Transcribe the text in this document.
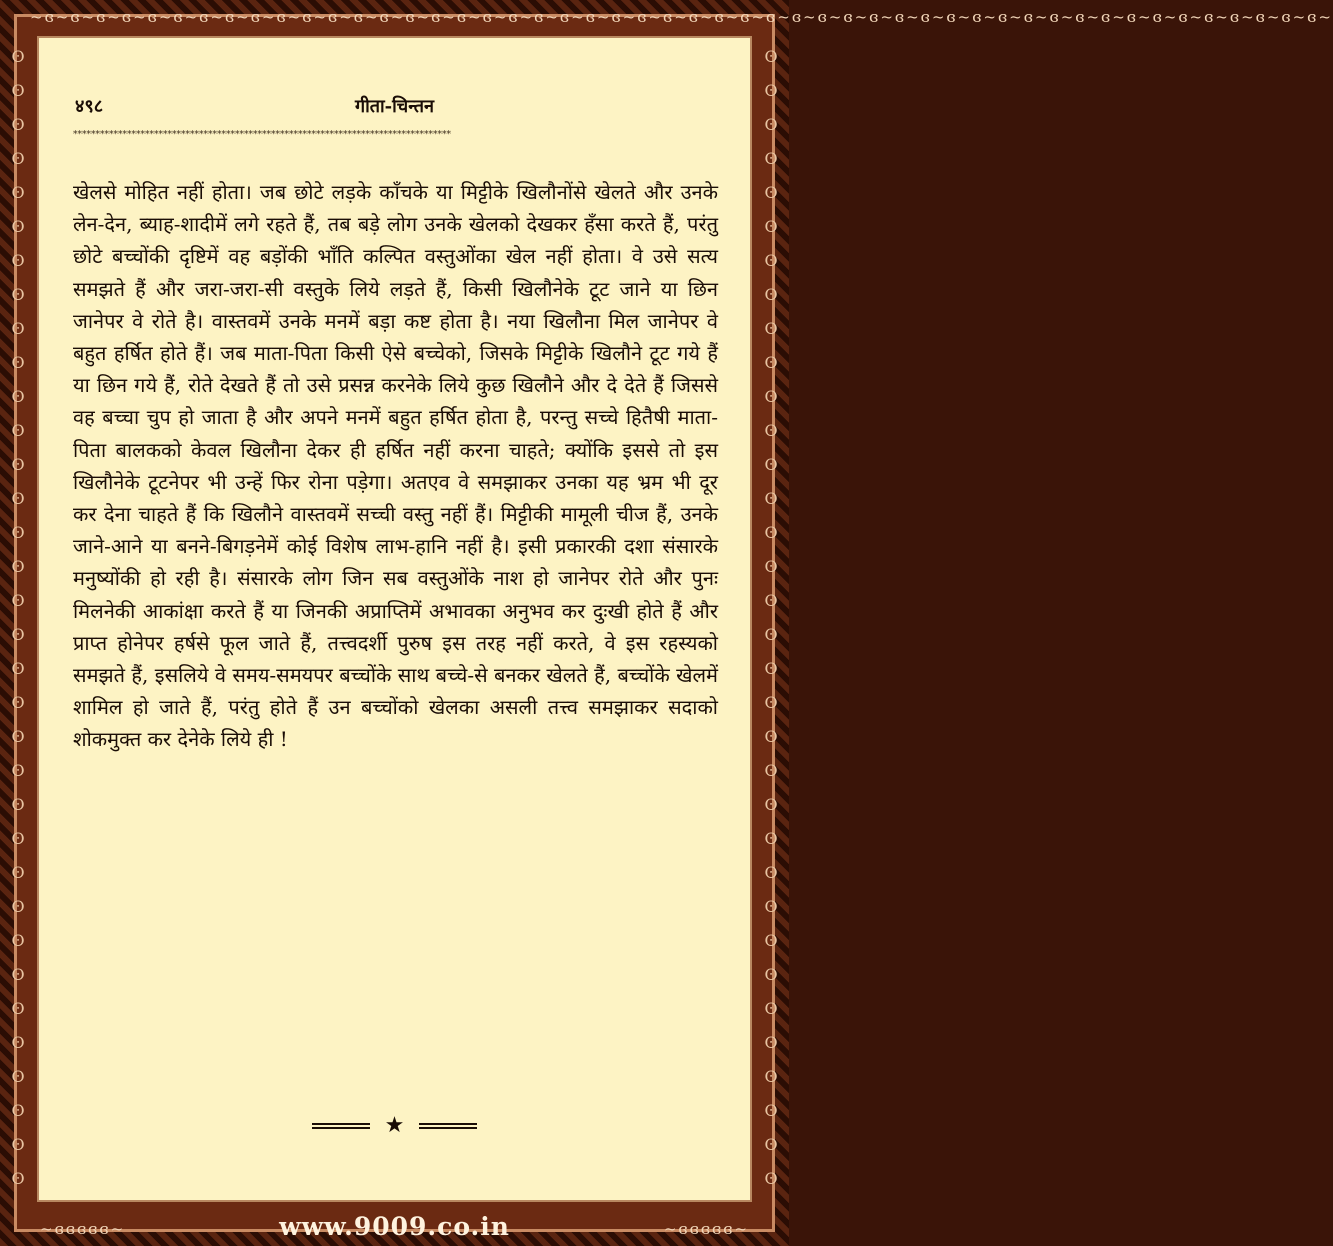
~ɞ~ɞ~ɞ~ɞ~ɞ~ɞ~ɞ~ɞ~ɞ~ɞ~ɞ~ɞ~ɞ~ɞ~ɞ~ɞ~ɞ~ɞ~ɞ~ɞ~ɞ~ɞ~ɞ~ɞ~ɞ~ɞ~ɞ~ɞ~ɞ~ɞ~ɞ~ɞ~ɞ~ɞ~ɞ~ɞ~ɞ~ɞ~ɞ~ɞ~ɞ~ɞ~ɞ~ɞ~ɞ~ɞ~ɞ~ɞ~ɞ~ɞ~
ʘʘʘʘʘʘʘʘʘʘʘʘʘʘʘʘʘʘʘʘʘʘʘʘʘʘʘʘʘʘʘʘʘʘ
ʘʘʘʘʘʘʘʘʘʘʘʘʘʘʘʘʘʘʘʘʘʘʘʘʘʘʘʘʘʘʘʘʘʘ
४९८	गीता-चिन्तन
************************************************************************************
खेलसे मोहित नहीं होता। जब छोटे लड़के काँचके या मिट्टीके खिलौनोंसे खेलते और उनके लेन-देन, ब्याह-शादीमें लगे रहते हैं, तब बड़े लोग उनके खेलको देखकर हँसा करते हैं, परंतु छोटे बच्चोंकी दृष्टिमें वह बड़ोंकी भाँति कल्पित वस्तुओंका खेल नहीं होता। वे उसे सत्य समझते हैं और जरा-जरा-सी वस्तुके लिये लड़ते हैं, किसी खिलौनेके टूट जाने या छिन जानेपर वे रोते है। वास्तवमें उनके मनमें बड़ा कष्ट होता है। नया खिलौना मिल जानेपर वे बहुत हर्षित होते हैं। जब माता-पिता किसी ऐसे बच्चेको, जिसके मिट्टीके खिलौने टूट गये हैं या छिन गये हैं, रोते देखते हैं तो उसे प्रसन्न करनेके लिये कुछ खिलौने और दे देते हैं जिससे वह बच्चा चुप हो जाता है और अपने मनमें बहुत हर्षित होता है, परन्तु सच्चे हितैषी माता-पिता बालकको केवल खिलौना देकर ही हर्षित नहीं करना चाहते; क्योंकि इससे तो इस खिलौनेके टूटनेपर भी उन्हें फिर रोना पड़ेगा। अतएव वे समझाकर उनका यह भ्रम भी दूर कर देना चाहते हैं कि खिलौने वास्तवमें सच्ची वस्तु नहीं हैं। मिट्टीकी मामूली चीज हैं, उनके जाने-आने या बनने-बिगड़नेमें कोई विशेष लाभ-हानि नहीं है। इसी प्रकारकी दशा संसारके मनुष्योंकी हो रही है। संसारके लोग जिन सब वस्तुओंके नाश हो जानेपर रोते और पुनः मिलनेकी आकांक्षा करते हैं या जिनकी अप्राप्तिमें अभावका अनुभव कर दुःखी होते हैं और प्राप्त होनेपर हर्षसे फूल जाते हैं, तत्त्वदर्शी पुरुष इस तरह नहीं करते, वे इस रहस्यको समझते हैं, इसलिये वे समय-समयपर बच्चोंके साथ बच्चे-से बनकर खेलते हैं, बच्चोंके खेलमें शामिल हो जाते हैं, परंतु होते हैं उन बच्चोंको खेलका असली तत्त्व समझाकर सदाको शोकमुक्त कर देनेके लिये ही !
★
~ɞɞɞɞɞ~	www.9009.co.in	~ɞɞɞɞɞ~
